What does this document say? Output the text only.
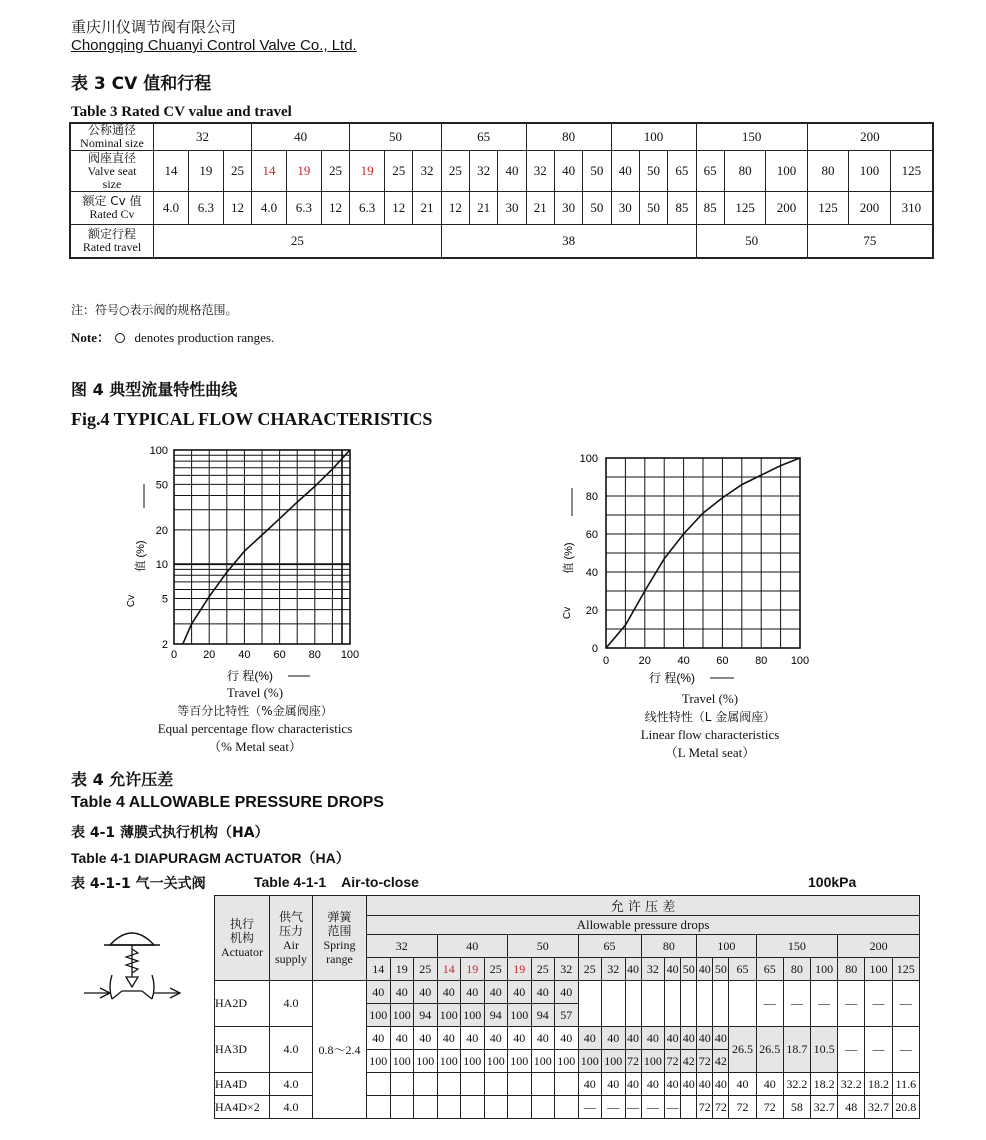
重庆川仪调节阀有限公司
Chongqing Chuanyi Control Valve Co., Ltd.
表 3 CV 值和行程
Table 3 Rated CV value and travel
公称通径
Nominal size	32			40			50			65			80			100			150			200		
阀座直径
Valve seat
size	14	19	25	14	19	25	19	25	32	25	32	40	32	40	50	40	50	65	65	80	100	80	100	125
额定 Cv 值
Rated Cv	4.0	6.3	12	4.0	6.3	12	6.3	12	21	12	21	30	21	30	50	30	50	85	85	125	200	125	200	310
额定行程
Rated travel	25									38									50			75		
注：符号○表示阀的规格范围。
Note： denotes production ranges.
图 4 典型流量特性曲线
Fig.4 TYPICAL FLOW CHARACTERISTICS
100
50
20
10
5
2
0 20 40 60 80 100
值 (%)
Cv
行 程(%)
Travel (%)
等百分比特性（%金属阀座）
Equal percentage flow characteristics
（% Metal seat）
100
80
60
40
20
0
0	20 40 60 80 100
值 (%)
Cv
行 程(%)
Travel (%)
线性特性（L 金属阀座）
Linear flow characteristics
（L Metal seat）
表 4 允许压差
Table 4 ALLOWABLE PRESSURE DROPS
表 4-1 薄膜式执行机构（HA）
Table 4-1 DIAPURAGM ACTUATOR（HA）
表 4-1-1 气一关式阀	Table 4-1-1    Air-to-close	100kPa
执行
机构
Actuator	供气
压力
Air
supply	弹簧
范围
Spring
range	允 许 压 差																							
			Allowable pressure drops																							
			32			40			50			65			80			100			150			200		
			14	19	25	14	19	25	19	25	32	25	32	40	32	40	50	40	50	65	65	80	100	80	100	125
HA2D	4.0	0.8～2.4	40	40	40	40	40	40	40	40	40										—	—	—	—	—	—
			100	100	94	100	100	94	100	94	57															
HA3D	4.0		40	40	40	40	40	40	40	40	40	40	40	40	40	40	40	40	40	26.5	26.5	18.7	10.5	—	—	—
			100	100	100	100	100	100	100	100	100	100	100	72	100	72	42	72	42							
HA4D	4.0											40	40	40	40	40	40	40	40	40	40	32.2	18.2	32.2	18.2	11.6
HA4D×2	4.0											—	—	—	—	—		72	72	72	72	58	32.7	48	32.7	20.8
